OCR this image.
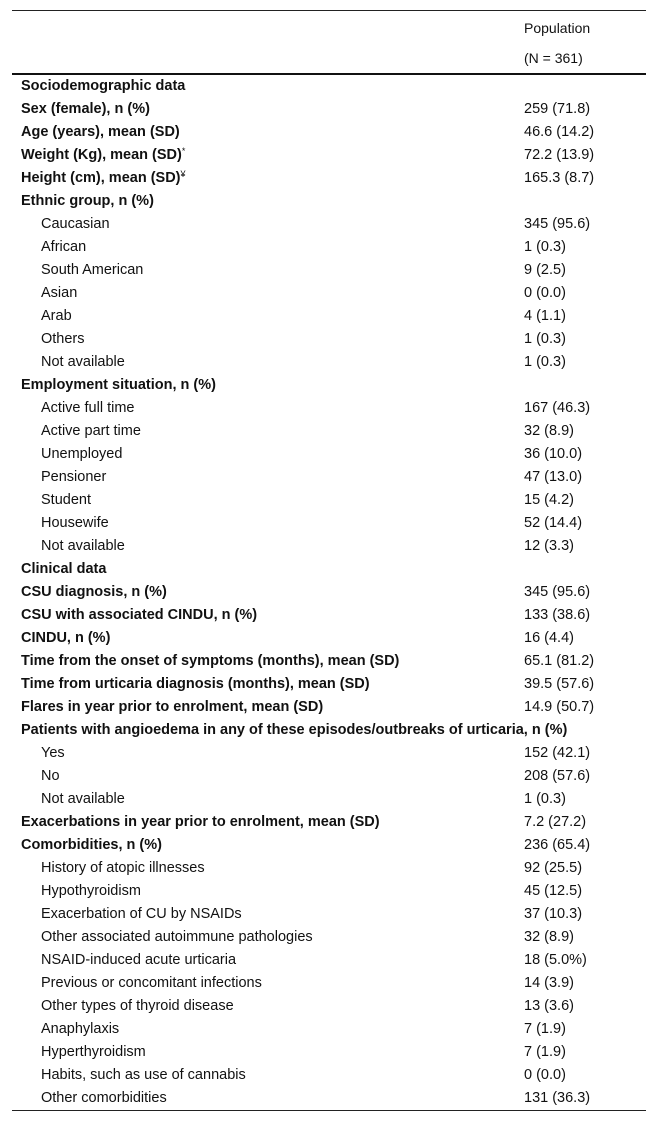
Population
(N = 361)
Sociodemographic data
Sex (female), n (%)	259 (71.8)
Age (years), mean (SD)	46.6 (14.2)
Weight (Kg), mean (SD)*	72.2 (13.9)
Height (cm), mean (SD)¥	165.3 (8.7)
Ethnic group, n (%)
Caucasian	345 (95.6)
African	1 (0.3)
South American	9 (2.5)
Asian	0 (0.0)
Arab	4 (1.1)
Others	1 (0.3)
Not available	1 (0.3)
Employment situation, n (%)
Active full time	167 (46.3)
Active part time	32 (8.9)
Unemployed	36 (10.0)
Pensioner	47 (13.0)
Student	15 (4.2)
Housewife	52 (14.4)
Not available	12 (3.3)
Clinical data
CSU diagnosis, n (%)	345 (95.6)
CSU with associated CINDU, n (%)	133 (38.6)
CINDU, n (%)	16 (4.4)
Time from the onset of symptoms (months), mean (SD)	65.1 (81.2)
Time from urticaria diagnosis (months), mean (SD)	39.5 (57.6)
Flares in year prior to enrolment, mean (SD)	14.9 (50.7)
Patients with angioedema in any of these episodes/outbreaks of urticaria, n (%)
Yes	152 (42.1)
No	208 (57.6)
Not available	1 (0.3)
Exacerbations in year prior to enrolment, mean (SD)	7.2 (27.2)
Comorbidities, n (%)	236 (65.4)
History of atopic illnesses	92 (25.5)
Hypothyroidism	45 (12.5)
Exacerbation of CU by NSAIDs	37 (10.3)
Other associated autoimmune pathologies	32 (8.9)
NSAID-induced acute urticaria	18 (5.0%)
Previous or concomitant infections	14 (3.9)
Other types of thyroid disease	13 (3.6)
Anaphylaxis	7 (1.9)
Hyperthyroidism	7 (1.9)
Habits, such as use of cannabis	0 (0.0)
Other comorbidities	131 (36.3)
